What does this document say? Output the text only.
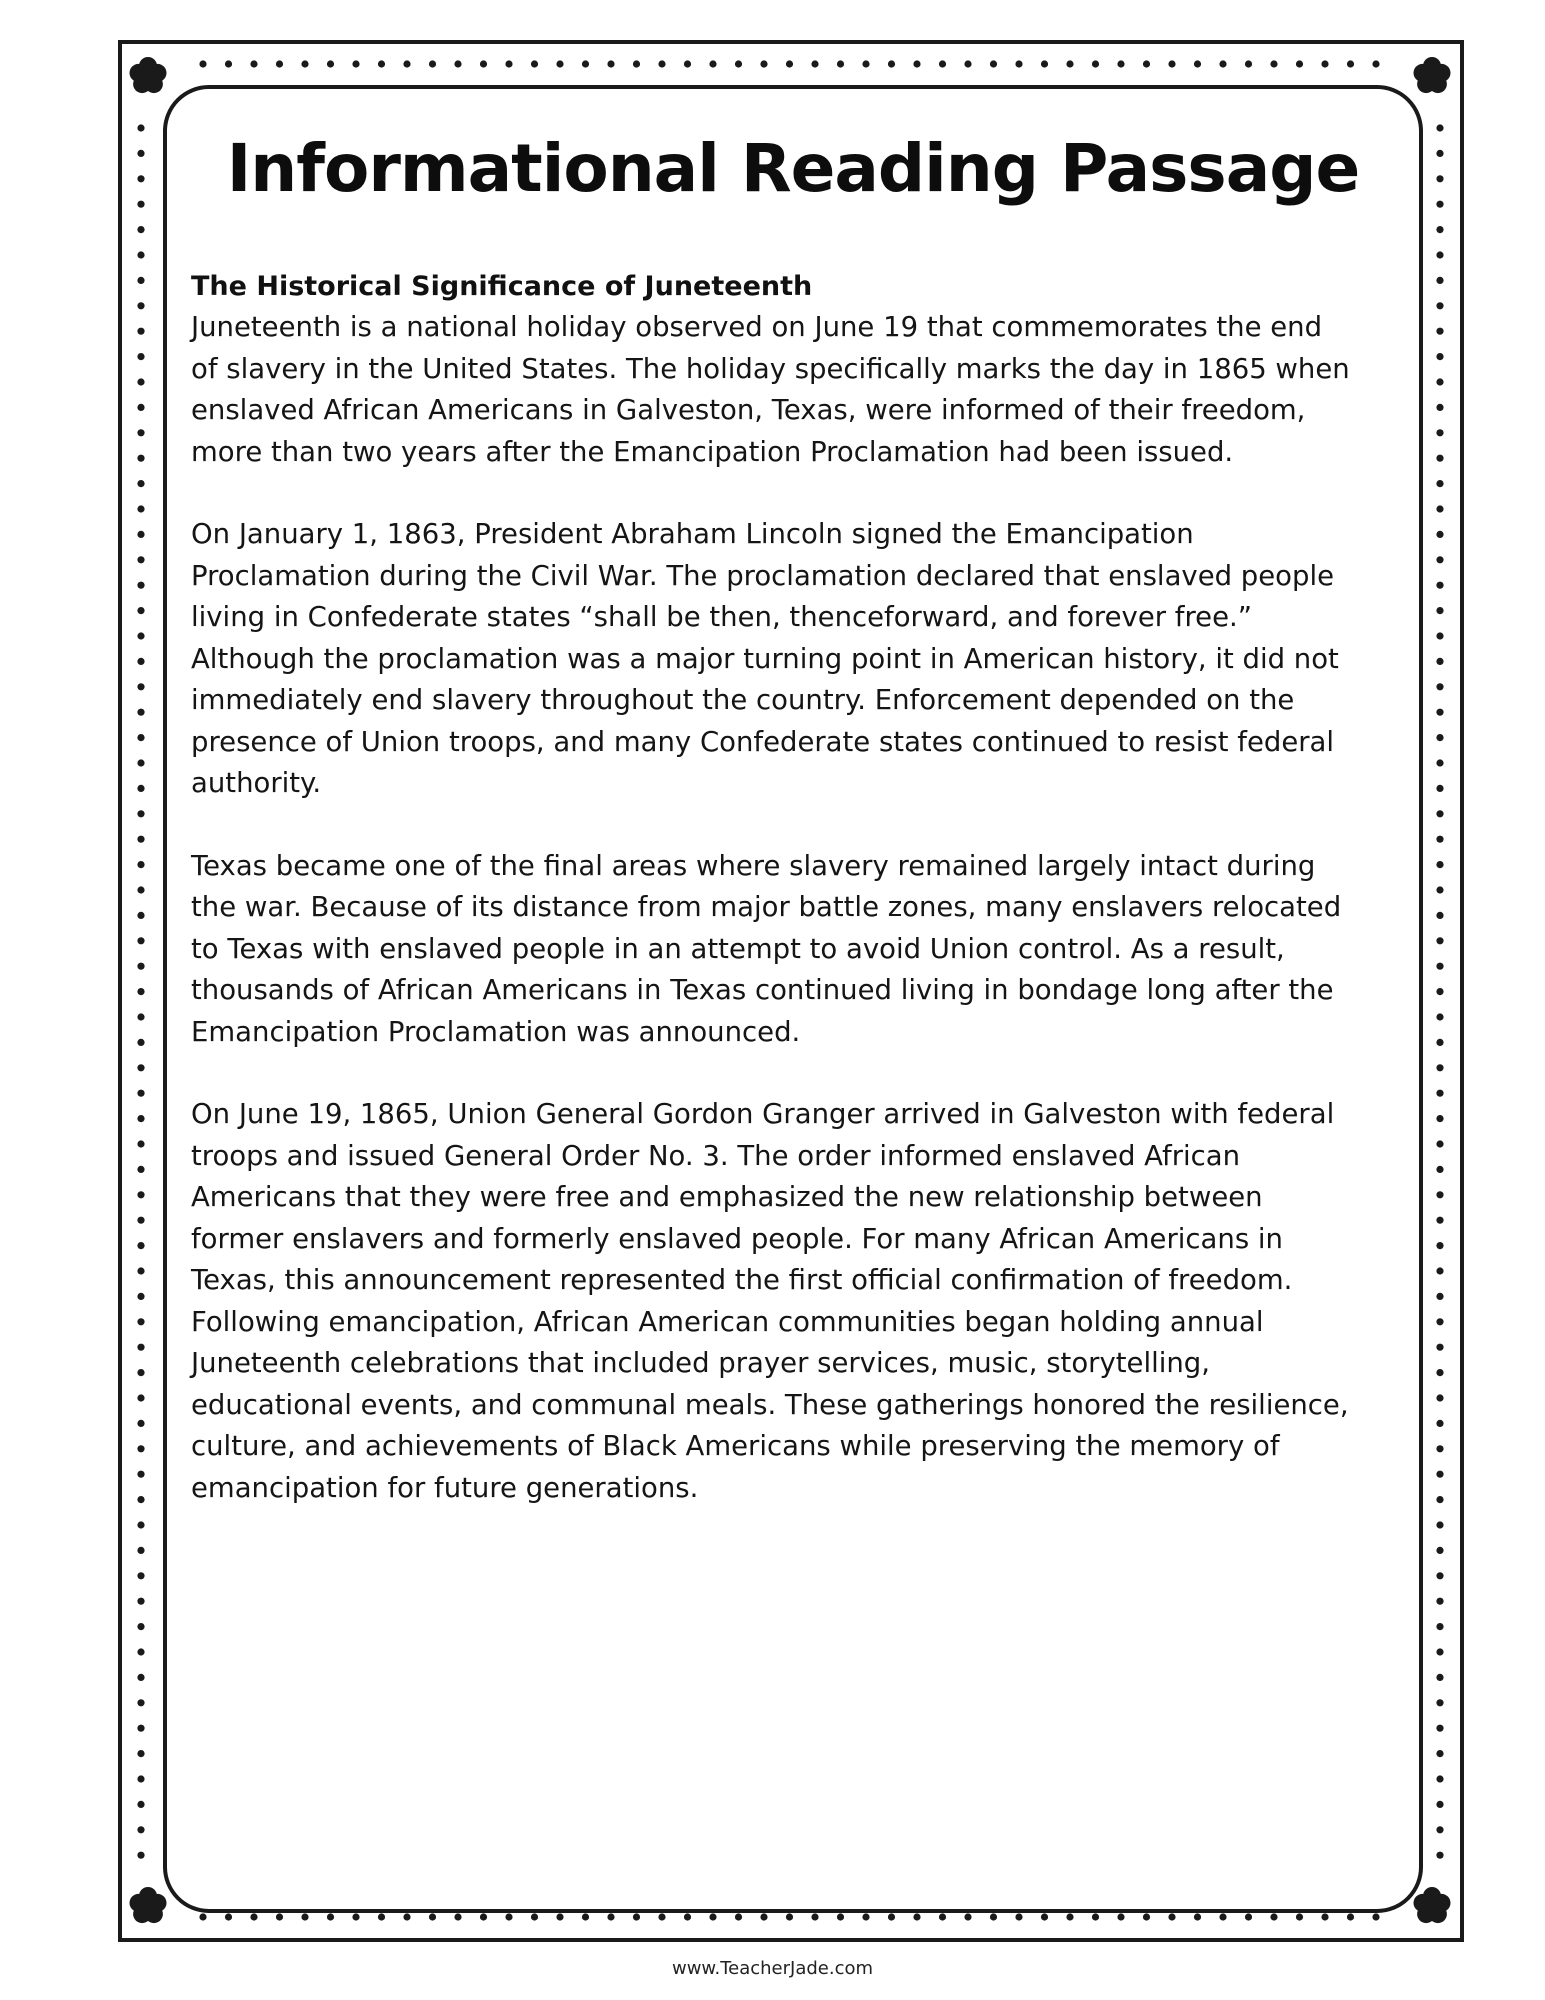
Informational Reading Passage

The Historical Significance of Juneteenth

Juneteenth is a national holiday observed on June 19 that commemorates the end
of slavery in the United States. The holiday specifically marks the day in 1865 when
enslaved African Americans in Galveston, Texas, were informed of their freedom,
more than two years after the Emancipation Proclamation had been issued.

On January 1, 1863, President Abraham Lincoln signed the Emancipation
Proclamation during the Civil War. The proclamation declared that enslaved people
living in Confederate states “shall be then, thenceforward, and forever free.”
Although the proclamation was a major turning point in American history, it did not
immediately end slavery throughout the country. Enforcement depended on the
presence of Union troops, and many Confederate states continued to resist federal
authority.

Texas became one of the final areas where slavery remained largely intact during
the war. Because of its distance from major battle zones, many enslavers relocated
to Texas with enslaved people in an attempt to avoid Union control. As a result,
thousands of African Americans in Texas continued living in bondage long after the
Emancipation Proclamation was announced.

On June 19, 1865, Union General Gordon Granger arrived in Galveston with federal
troops and issued General Order No. 3. The order informed enslaved African
Americans that they were free and emphasized the new relationship between
former enslavers and formerly enslaved people. For many African Americans in
Texas, this announcement represented the first official confirmation of freedom.
Following emancipation, African American communities began holding annual
Juneteenth celebrations that included prayer services, music, storytelling,
educational events, and communal meals. These gatherings honored the resilience,
culture, and achievements of Black Americans while preserving the memory of
emancipation for future generations.

www.TeacherJade.com
